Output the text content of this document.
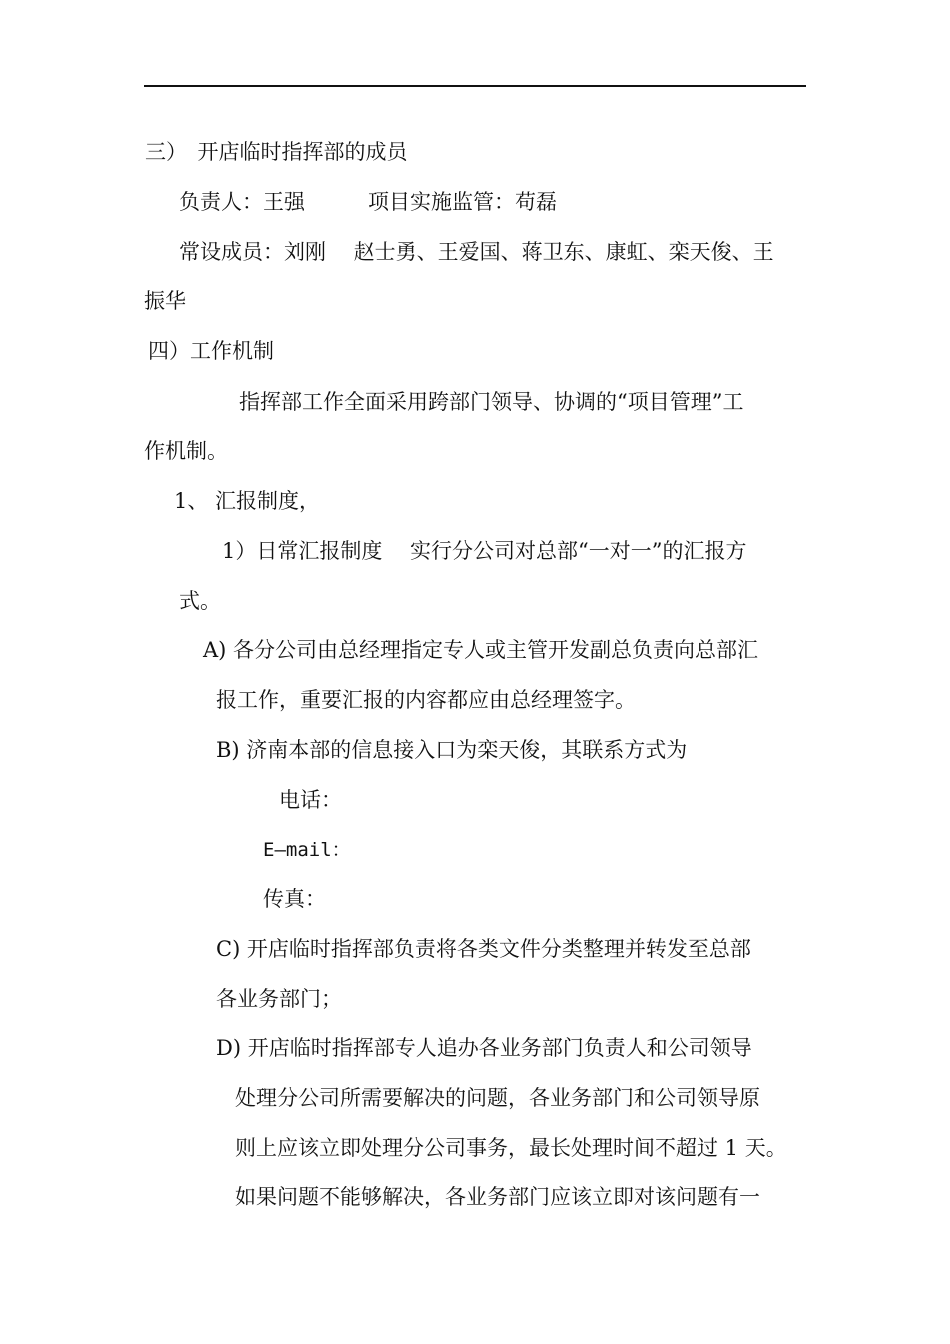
三）　开店临时指挥部的成员
负责人：王强　　　项目实施监管：苟磊
常设成员：刘刚　 赵士勇、王爱国、蒋卫东、康虹、栾天俊、王
振华
四）工作机制
指挥部工作全面采用跨部门领导、协调的“项目管理”工
作机制。
1、 汇报制度，
1）日常汇报制度　 实行分公司对总部“一对一”的汇报方
式。
A) 各分公司由总经理指定专人或主管开发副总负责向总部汇
报工作，重要汇报的内容都应由总经理签字。
B) 济南本部的信息接入口为栾天俊，其联系方式为
电话：
E—mail：
传真：
C) 开店临时指挥部负责将各类文件分类整理并转发至总部
各业务部门；
D) 开店临时指挥部专人追办各业务部门负责人和公司领导
处理分公司所需要解决的问题，各业务部门和公司领导原
则上应该立即处理分公司事务，最长处理时间不超过 1 天。
如果问题不能够解决，各业务部门应该立即对该问题有一
